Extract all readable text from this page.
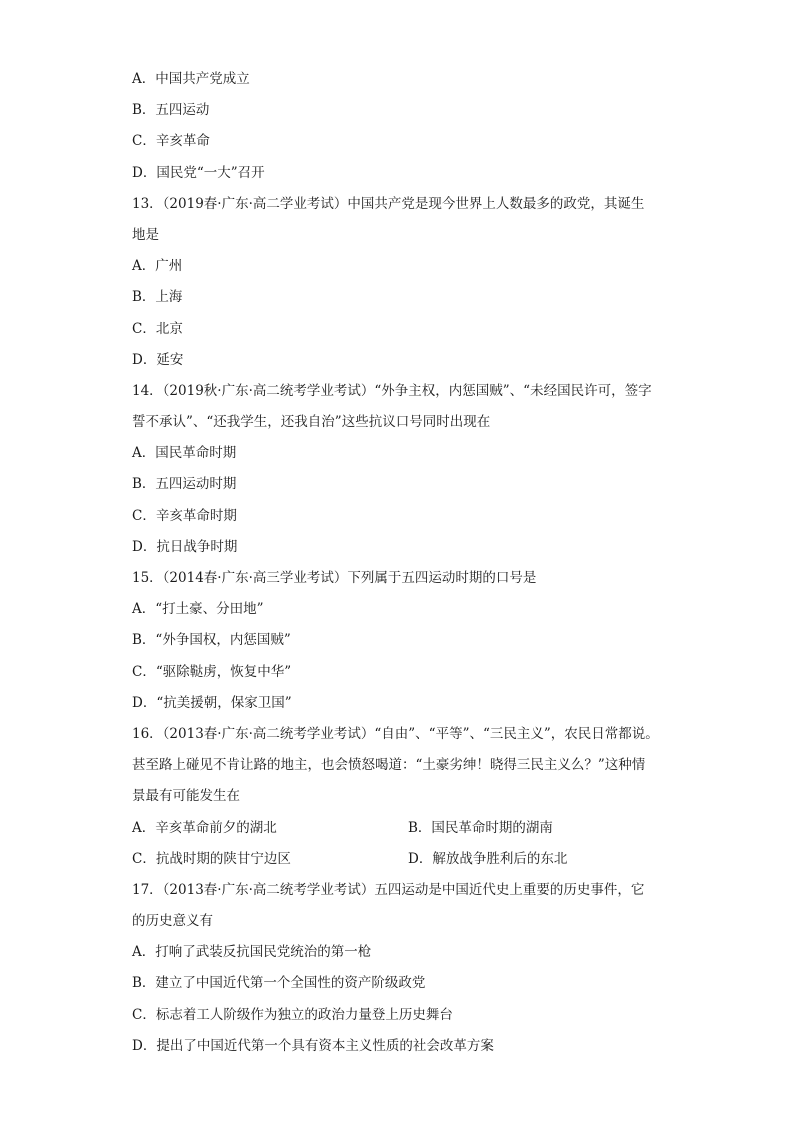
A．中国共产党成立
B．五四运动
C．辛亥革命
D．国民党“一大”召开
13．（2019春·广东·高二学业考试）中国共产党是现今世界上人数最多的政党，其诞生
地是
A．广州
B．上海
C．北京
D．延安
14．（2019秋·广东·高二统考学业考试）“外争主权，内惩国贼”、“未经国民许可，签字
誓不承认”、“还我学生，还我自治”这些抗议口号同时出现在
A．国民革命时期
B．五四运动时期
C．辛亥革命时期
D．抗日战争时期
15．（2014春·广东·高三学业考试）下列属于五四运动时期的口号是
A．“打土豪、分田地”
B．“外争国权，内惩国贼”
C．“驱除鞑虏，恢复中华”
D．“抗美援朝，保家卫国”
16．（2013春·广东·高二统考学业考试）“自由”、“平等”、“三民主义”，农民日常都说。
甚至路上碰见不肯让路的地主，也会愤怒喝道：“土豪劣绅！晓得三民主义么？”这种情
景最有可能发生在
A．辛亥革命前夕的湖北	B．国民革命时期的湖南
C．抗战时期的陕甘宁边区	D．解放战争胜利后的东北
17．（2013春·广东·高二统考学业考试）五四运动是中国近代史上重要的历史事件，它
的历史意义有
A．打响了武装反抗国民党统治的第一枪
B．建立了中国近代第一个全国性的资产阶级政党
C．标志着工人阶级作为独立的政治力量登上历史舞台
D．提出了中国近代第一个具有资本主义性质的社会改革方案
